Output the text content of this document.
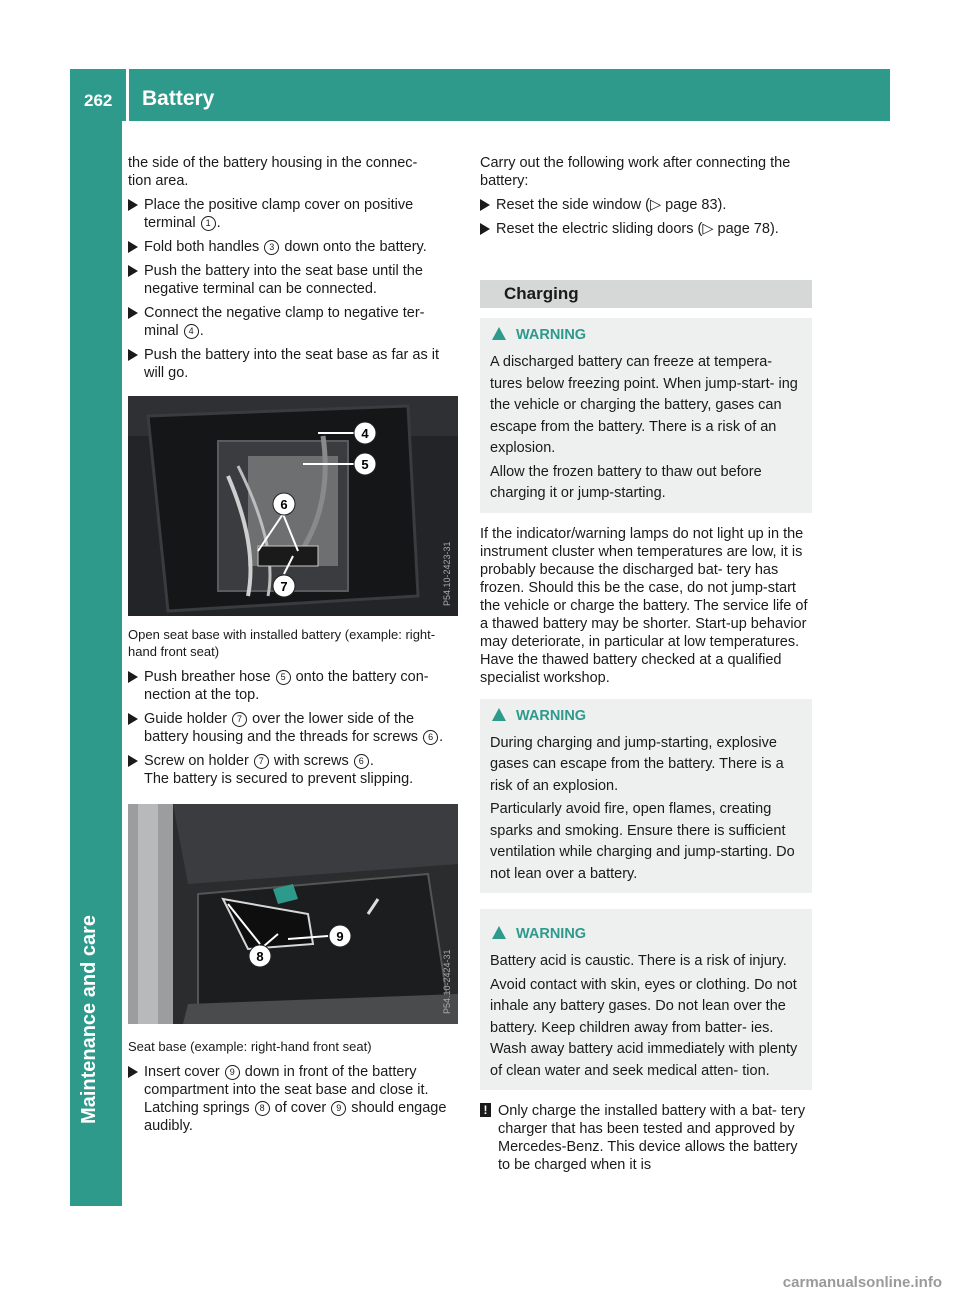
262 Battery
Maintenance and care

the side of the battery housing in the connec-
tion area.

Place the positive clamp cover on positive terminal 1 .
Fold both handles 3 down onto the battery.
Push the battery into the seat base until the negative terminal can be connected.
Connect the negative clamp to negative ter- minal 4 .
Push the battery into the seat base as far as it will go.
4
5
6
7	P54.10-2423-31
Open seat base with installed battery (example: right-hand front seat)
Push breather hose 5 onto the battery con- nection at the top.
Guide holder 7 over the lower side of the battery housing and the threads for screws 6 .
Screw on holder 7 with screws 6 .
The battery is secured to prevent slipping.
9
8	P54.10-2424-31
Seat base (example: right-hand front seat)
Insert cover 9 down in front of the battery compartment into the seat base and close it. Latching springs 8 of cover 9 should engage audibly.

Carry out the following work after connecting the battery:

Reset the side window (▷ page 83).
Reset the electric sliding doors (▷ page 78).
Charging
WARNING

A discharged battery can freeze at tempera- tures below freezing point. When jump-start- ing the vehicle or charging the battery, gases can escape from the battery. There is a risk of an explosion.

Allow the frozen battery to thaw out before charging it or jump-starting.

If the indicator/warning lamps do not light up in the instrument cluster when temperatures are low, it is probably because the discharged bat- tery has frozen. Should this be the case, do not jump-start the vehicle or charge the battery. The service life of a thawed battery may be shorter. Start-up behavior may deteriorate, in particular at low temperatures. Have the thawed battery checked at a qualified specialist workshop.

WARNING

During charging and jump-starting, explosive gases can escape from the battery. There is a risk of an explosion.

Particularly avoid fire, open flames, creating sparks and smoking. Ensure there is sufficient ventilation while charging and jump-starting. Do not lean over a battery.

WARNING

Battery acid is caustic. There is a risk of injury.

Avoid contact with skin, eyes or clothing. Do not inhale any battery gases. Do not lean over the battery. Keep children away from batter- ies. Wash away battery acid immediately with plenty of clean water and seek medical atten- tion.

! Only charge the installed battery with a bat- tery charger that has been tested and approved by Mercedes-Benz. This device allows the battery to be charged when it is
carmanualsonline.info
